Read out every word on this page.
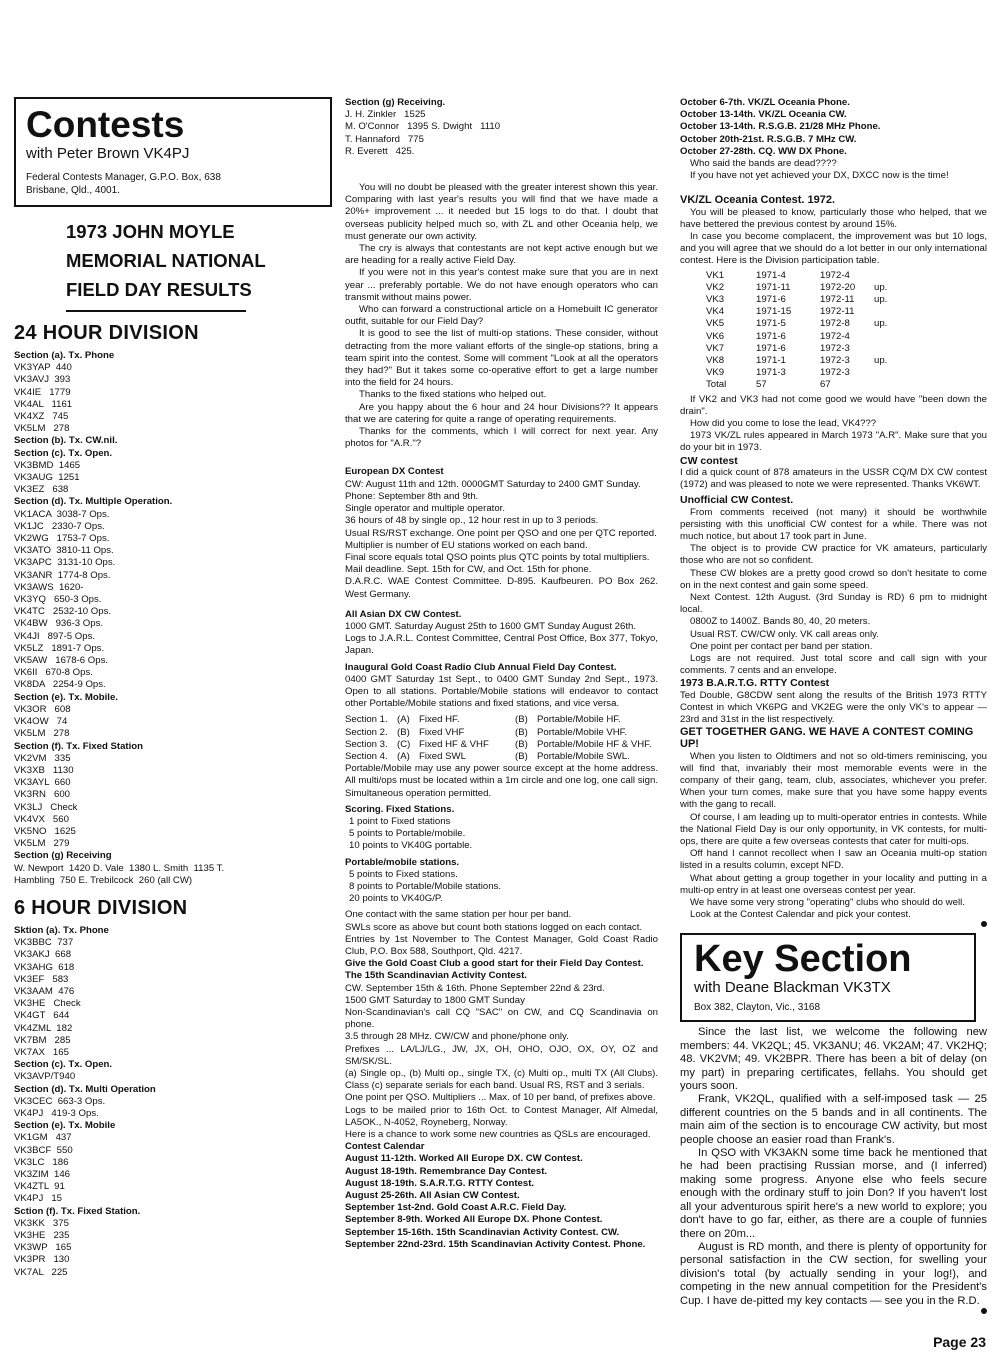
Contests
with Peter Brown VK4PJ
Federal Contests Manager, G.P.O. Box, 638
Brisbane, Qld., 4001.
1973 JOHN MOYLE
MEMORIAL NATIONAL
FIELD DAY RESULTS
24 HOUR DIVISION
Section (a). Tx. Phone
VK3YAP  440
VK3AVJ  393
VK4IE   1779
VK4AL   1161
VK4XZ   745
VK5LM   278
Section (b). Tx. CW.nil.
Section (c). Tx. Open.
VK3BMD  1465
VK3AUG  1251
VK3EZ   638
Section (d). Tx. Multiple Operation.
VK1ACA  3038-7 Ops.
VK1JC   2330-7 Ops.
VK2WG   1753-7 Ops.
VK3ATO  3810-11 Ops.
VK3APC  3131-10 Ops.
VK3ANR  1774-8 Ops.
VK3AWS  1620-
VK3YQ   650-3 Ops.
VK4TC   2532-10 Ops.
VK4BW   936-3 Ops.
VK4JI   897-5 Ops.
VK5LZ   1891-7 Ops.
VK5AW   1678-6 Ops.
VK6II   670-8 Ops.
VK8DA   2254-9 Ops.
Section (e). Tx. Mobile.
VK3OR   608
VK4OW   74
VK5LM   278
Section (f). Tx. Fixed Station
VK2VM   335
VK3XB   1130
VK3AYL  660
VK3RN   600
VK3LJ   Check
VK4VX   560
VK5NO   1625
VK5LM   279
Section (g) Receiving
W. Newport  1420 D. Vale  1380 L. Smith  1135 T.
Hambling  750 E. Trebilcock  260 (all CW)
6 HOUR DIVISION
Sktion (a). Tx. Phone
VK3BBC  737
VK3AKJ  668
VK3AHG  618
VK3EF   583
VK3AAM  476
VK3HE   Check
VK4GT   644
VK4ZML  182
VK7BM   285
VK7AX   165
Section (c). Tx. Open.
VK3AVP/T940
Section (d). Tx. Multi Operation
VK3CEC  663-3 Ops.
VK4PJ   419-3 Ops.
Section (e). Tx. Mobile
VK1GM   437
VK3BCF  550
VK3LC   186
VK3ZIM  146
VK4ZTL  91
VK4PJ   15
Sction (f). Tx. Fixed Station.
VK3KK   375
VK3HE   235
VK3WP   165
VK3PR   130
VK7AL   225
Section (g) Receiving.
J. H. Zinkler   1525
M. O'Connor   1395 S. Dwight   1110
T. Hannaford   775
R. Everett   425.
You will no doubt be pleased with the greater interest shown this year. Comparing with last year's results you will find that we have made a 20%+ improvement ... it needed but 15 logs to do that. I doubt that overseas publicity helped much so, with ZL and other Oceania help, we must generate our own activity.
The cry is always that contestants are not kept active enough but we are heading for a really active Field Day.
If you were not in this year's contest make sure that you are in next year ... preferably portable. We do not have enough operators who can transmit without mains power.
Who can forward a constructional article on a Homebuilt IC generator outfit, suitable for our Field Day?
It is good to see the list of multi-op stations. These consider, without detracting from the more valiant efforts of the single-op stations, bring a team spirit into the contest. Some will comment "Look at all the operators they had?" But it takes some co-operative effort to get a large number into the field for 24 hours.
Thanks to the fixed stations who helped out.
Are you happy about the 6 hour and 24 hour Divisions?? It appears that we are catering for quite a range of operating requirements.
Thanks for the comments, which I will correct for next year. Any photos for "A.R."?
European DX Contest
CW: August 11th and 12th. 0000GMT Saturday to 2400 GMT Sunday.
Phone: September 8th and 9th.
Single operator and multiple operator.
36 hours of 48 by single op., 12 hour rest in up to 3 periods.
Usual RS/RST exchange. One point per QSO and one per QTC reported.
Multiplier is number of EU stations worked on each band.
Final score equals total QSO points plus QTC points by total multipliers.
Mail deadline. Sept. 15th for CW, and Oct. 15th for phone.
D.A.R.C. WAE Contest Committee. D-895. Kaufbeuren. PO Box 262. West Germany.
All Asian DX CW Contest.
1000 GMT. Saturday August 25th to 1600 GMT Sunday August 26th.
Logs to J.A.R.L. Contest Committee, Central Post Office, Box 377, Tokyo, Japan.
Inaugural Gold Coast Radio Club Annual Field Day Contest.
0400 GMT Saturday 1st Sept., to 0400 GMT Sunday 2nd Sept., 1973. Open to all stations. Portable/Mobile stations will endeavor to contact other Portable/Mobile stations and fixed stations, and vice versa.
Section 1. (A) Fixed HF.	(B) Portable/Mobile HF.
Section 2. (B) Fixed VHF	(B) Portable/Mobile VHF.
Section 3. (C) Fixed HF & VHF	(B) Portable/Mobile HF & VHF.
Section 4. (A) Fixed SWL	(B) Portable/Mobile SWL.
Portable/Mobile may use any power source except at the home address. All multi/ops must be located within a 1m circle and one log, one call sign. Simultaneous operation permitted.
Scoring. Fixed Stations.
1 point to Fixed stations
5 points to Portable/mobile.
10 points to VK40G portable.
Portable/mobile stations.
5 points to Fixed stations.
8 points to Portable/Mobile stations.
20 points to VK40G/P.
One contact with the same station per hour per band.
SWLs score as above but count both stations logged on each contact.
Entries by 1st November to The Contest Manager, Gold Coast Radio Club, P.O. Box 588, Southport, Qld. 4217.
Give the Gold Coast Club a good start for their Field Day Contest.
The 15th Scandinavian Activity Contest.
CW. September 15th & 16th. Phone September 22nd & 23rd.
1500 GMT Saturday to 1800 GMT Sunday
Non-Scandinavian's call CQ "SAC" on CW, and CQ Scandinavia on phone.
3.5 through 28 MHz. CW/CW and phone/phone only.
Prefixes ... LA/LJ/LG., JW, JX, OH, OHO, OJO, OX, OY, OZ and SM/SK/SL.
(a) Single op., (b) Multi op., single TX, (c) Multi op., multi TX (All Clubs). Class (c) separate serials for each band. Usual RS, RST and 3 serials.
One point per QSO. Multipliers ... Max. of 10 per band, of prefixes above.
Logs to be mailed prior to 16th Oct. to Contest Manager, Alf Almedal, LA5OK., N-4052, Royneberg, Norway.
Here is a chance to work some new countries as QSLs are encouraged.
Contest Calendar
August 11-12th. Worked All Europe DX. CW Contest.
August 18-19th. Remembrance Day Contest.
August 18-19th. S.A.R.T.G. RTTY Contest.
August 25-26th. All Asian CW Contest.
September 1st-2nd. Gold Coast A.R.C. Field Day.
September 8-9th. Worked All Europe DX. Phone Contest.
September 15-16th. 15th Scandinavian Activity Contest. CW.
September 22nd-23rd. 15th Scandinavian Activity Contest. Phone.
October 6-7th. VK/ZL Oceania Phone.
October 13-14th. VK/ZL Oceania CW.
October 13-14th. R.S.G.B. 21/28 MHz Phone.
October 20th-21st. R.S.G.B. 7 MHz CW.
October 27-28th. CQ. WW DX Phone.
Who said the bands are dead????
If you have not yet achieved your DX, DXCC now is the time!
VK/ZL Oceania Contest. 1972.
You will be pleased to know, particularly those who helped, that we have bettered the previous contest by around 15%.
In case you become complacent, the improvement was but 10 logs, and you will agree that we should do a lot better in our only international contest. Here is the Division participation table.
VK1	1971-4	1972-4
VK2	1971-11	1972-20	up.
VK3	1971-6	1972-11	up.
VK4	1971-15	1972-11
VK5	1971-5	1972-8	up.
VK6	1971-6	1972-4
VK7	1971-6	1972-3
VK8	1971-1	1972-3	up.
VK9	1971-3	1972-3
Total	57	67
If VK2 and VK3 had not come good we would have "been down the drain".
How did you come to lose the lead, VK4???
1973 VK/ZL rules appeared in March 1973 "A.R". Make sure that you do your bit in 1973.
CW contest
I did a quick count of 878 amateurs in the USSR CQ/M DX CW contest (1972) and was pleased to note we were represented. Thanks VK6WT.
Unofficial CW Contest.
From comments received (not many) it should be worthwhile persisting with this unofficial CW contest for a while. There was not much notice, but about 17 took part in June.
The object is to provide CW practice for VK amateurs, particularly those who are not so confident.
These CW blokes are a pretty good crowd so don't hesitate to come on in the next contest and gain some speed.
Next Contest. 12th August. (3rd Sunday is RD) 6 pm to midnight local.
0800Z to 1400Z. Bands 80, 40, 20 meters.
Usual RST. CW/CW only. VK call areas only.
One point per contact per band per station.
Logs are not required. Just total score and call sign with your comments. 7 cents and an envelope.
1973 B.A.R.T.G. RTTY Contest
Ted Double, G8CDW sent along the results of the British 1973 RTTY Contest in which VK6PG and VK2EG were the only VK's to appear — 23rd and 31st in the list respectively.
GET TOGETHER GANG. WE HAVE A CONTEST COMING UP!
When you listen to Oldtimers and not so old-timers reminiscing, you will find that, invariably their most memorable events were in the company of their gang, team, club, associates, whichever you prefer. When your turn comes, make sure that you have some happy events with the gang to recall.
Of course, I am leading up to multi-operator entries in contests. While the National Field Day is our only opportunity, in VK contests, for multi-ops, there are quite a few overseas contests that cater for multi-ops.
Off hand I cannot recollect when I saw an Oceania multi-op station listed in a results column, except NFD.
What about getting a group together in your locality and putting in a multi-op entry in at least one overseas contest per year.
We have some very strong "operating" clubs who should do well.
Look at the Contest Calendar and pick your contest.
Key Section
with Deane Blackman VK3TX
Box 382, Clayton, Vic., 3168
Since the last list, we welcome the following new members: 44. VK2QL; 45. VK3ANU; 46. VK2AM; 47. VK2HQ; 48. VK2VM; 49. VK2BPR. There has been a bit of delay (on my part) in preparing certificates, fellahs. You should get yours soon.
Frank, VK2QL, qualified with a self-imposed task — 25 different countries on the 5 bands and in all continents. The main aim of the section is to encourage CW activity, but most people choose an easier road than Frank's.
In QSO with VK3AKN some time back he mentioned that he had been practising Russian morse, and (I inferred) making some progress. Anyone else who feels secure enough with the ordinary stuff to join Don? If you haven't lost all your adventurous spirit here's a new world to explore; you don't have to go far, either, as there are a couple of funnies there on 20m...
August is RD month, and there is plenty of opportunity for personal satisfaction in the CW section, for swelling your division's total (by actually sending in your log!), and competing in the new annual competition for the President's Cup. I have de-pitted my key contacts — see you in the R.D.
Page 23
